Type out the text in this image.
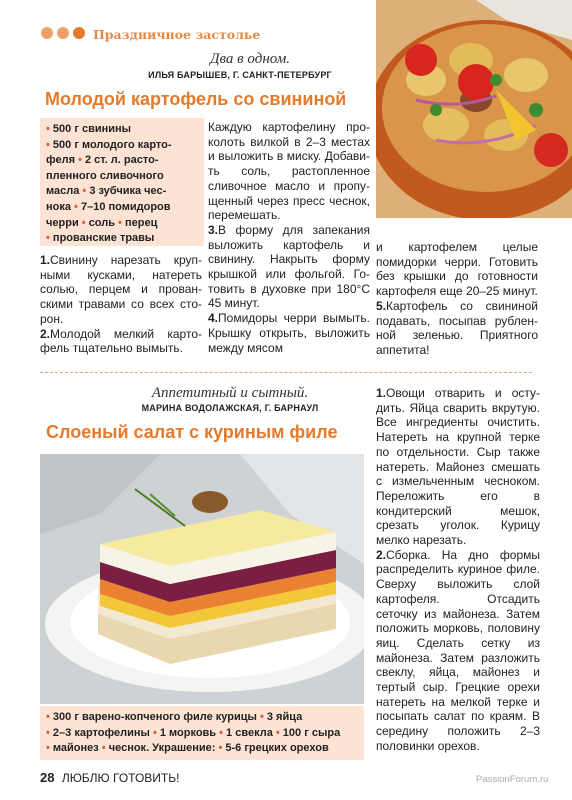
Праздничное застолье
Два в одном.
ИЛЬЯ БАРЫШЕВ, Г. САНКТ-ПЕТЕРБУРГ
Молодой картофель со свининой
• 500 г свинины
• 500 г молодого карто-
феля • 2 ст. л. расто-
пленного сливочного
масла • 3 зубчика чес-
нока • 7–10 помидоров
черри • соль • перец
• прованские травы

1.Свинину нарезать крупными кусками, натереть солью, перцем и прованскими травами со всех сторон.

2.Молодой мелкий картофель тщательно вымыть.

Каждую картофелину проколоть вилкой в 2–3 местах и выложить в миску. Добавить соль, растопленное сливочное масло и пропущенный через пресс чеснок, перемешать.

3.В форму для запекания выложить картофель и свинину. Накрыть форму крышкой или фольгой. Готовить в духовке при 180°С 45 минут.

4.Помидоры черри вымыть. Крышку открыть, выложить между мясом

и картофелем целые помидорки черри. Готовить без крышки до готовности картофеля еще 20–25 минут.

5.Картофель со свининой подавать, посыпав рубленной зеленью. Приятного аппетита!

Аппетитный и сытный.
МАРИНА ВОДОЛАЖСКАЯ, Г. БАРНАУЛ
Слоеный салат с куриным филе
• 300 г варено-копченого филе курицы • 3 яйца
• 2–3 картофелины • 1 морковь • 1 свекла • 100 г сыра
• майонез • чеснок. Украшение: • 5-6 грецких орехов

1.Овощи отварить и остудить. Яйца сварить вкрутую. Все ингредиенты очистить. Натереть на крупной терке по отдельности. Сыр также натереть. Майонез смешать с измельченным чесноком. Переложить его в кондитерский мешок, срезать уголок. Курицу мелко нарезать.

2.Сборка. На дно формы распределить куриное филе. Сверху выложить слой картофеля. Отсадить сеточку из майонеза. Затем положить морковь, половину яиц. Сделать сетку из майонеза. Затем разложить свеклу, яйца, майонез и тертый сыр. Грецкие орехи натереть на мелкой терке и посыпать салат по краям. В середину положить 2–3 половинки орехов.

28 ЛЮБЛЮ ГОТОВИТЬ!	PassionForum.ru
